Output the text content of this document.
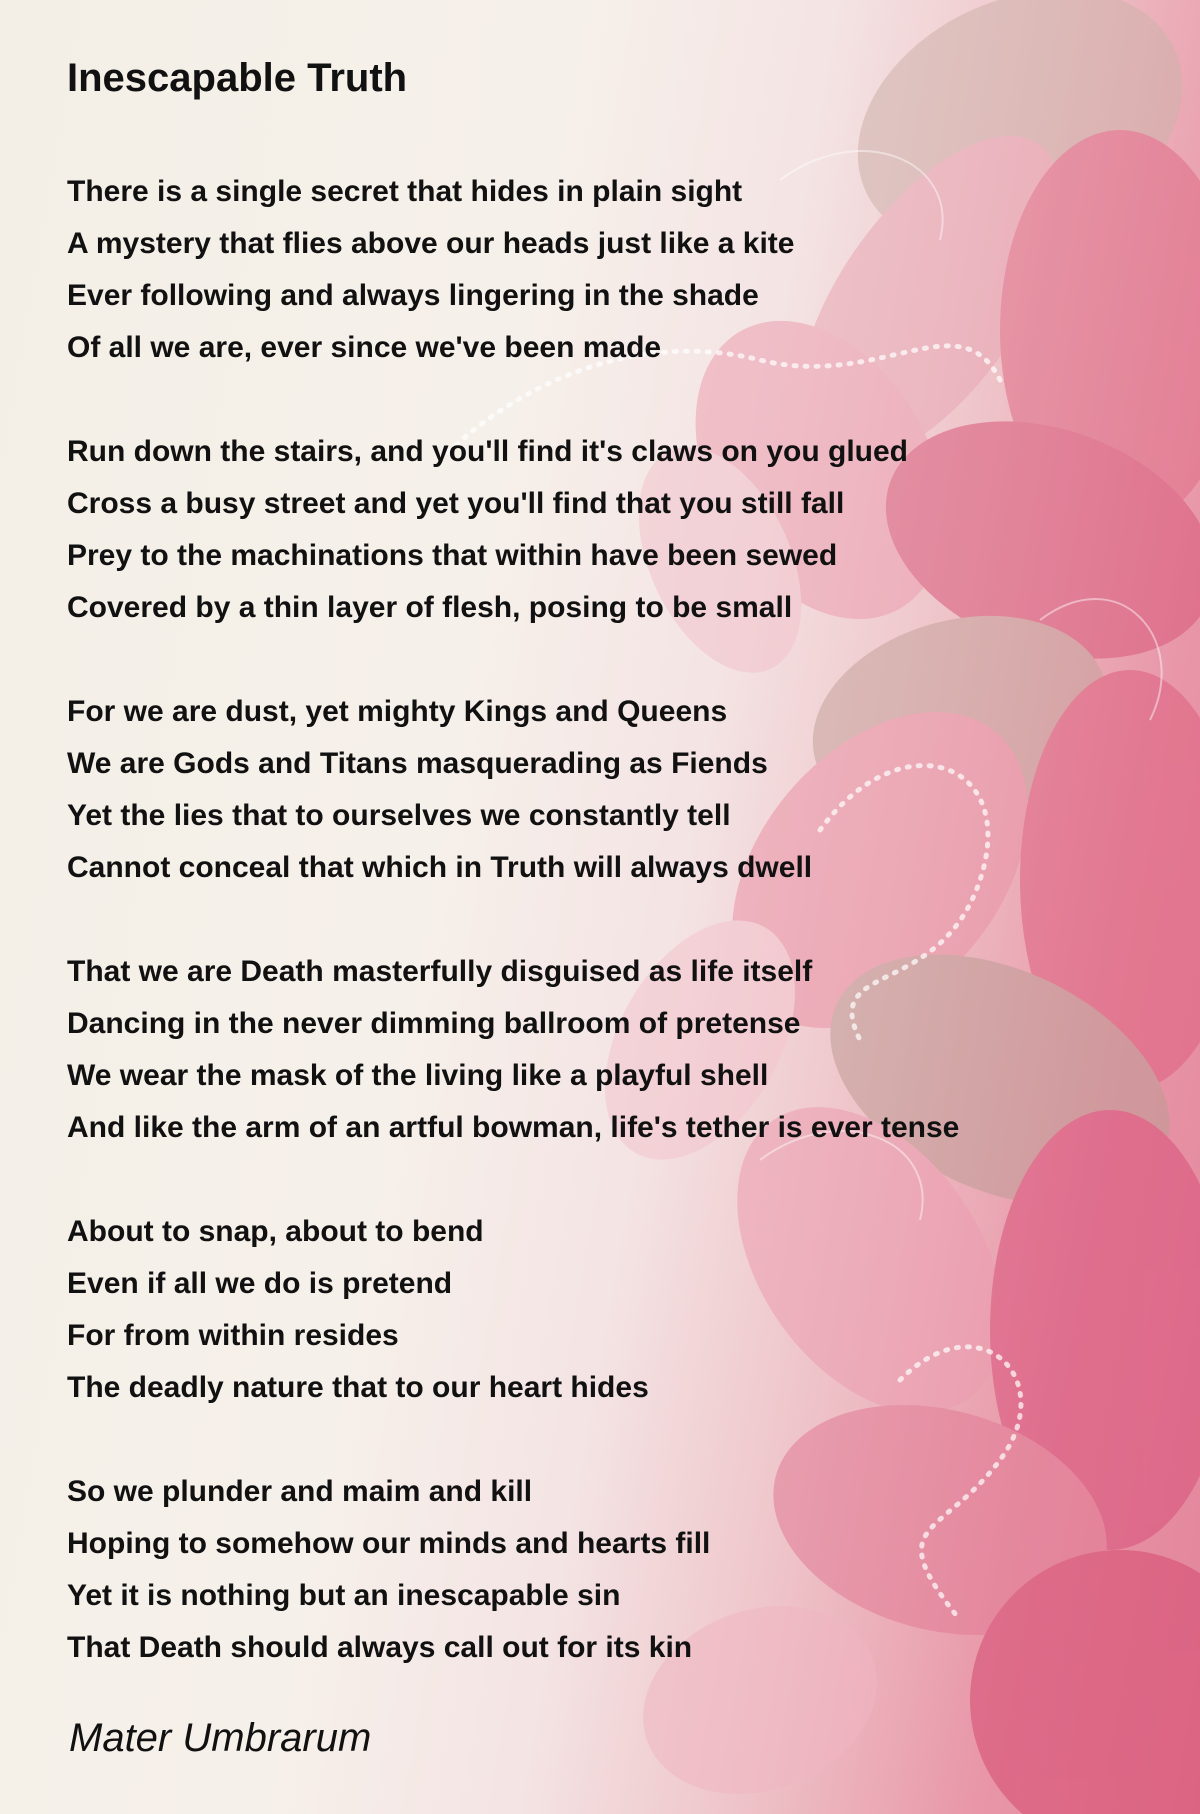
Inescapable Truth
There is a single secret that hides in plain sight
A mystery that flies above our heads just like a kite
Ever following and always lingering in the shade
Of all we are, ever since we've been made
Run down the stairs, and you'll find it's claws on you glued
Cross a busy street and yet you'll find that you still fall
Prey to the machinations that within have been sewed
Covered by a thin layer of flesh, posing to be small
For we are dust, yet mighty Kings and Queens
We are Gods and Titans masquerading as Fiends
Yet the lies that to ourselves we constantly tell
Cannot conceal that which in Truth will always dwell
That we are Death masterfully disguised as life itself
Dancing in the never dimming ballroom of pretense
We wear the mask of the living like a playful shell
And like the arm of an artful bowman, life's tether is ever tense
About to snap, about to bend
Even if all we do is pretend
For from within resides
The deadly nature that to our heart hides
So we plunder and maim and kill
Hoping to somehow our minds and hearts fill
Yet it is nothing but an inescapable sin
That Death should always call out for its kin
Mater Umbrarum
